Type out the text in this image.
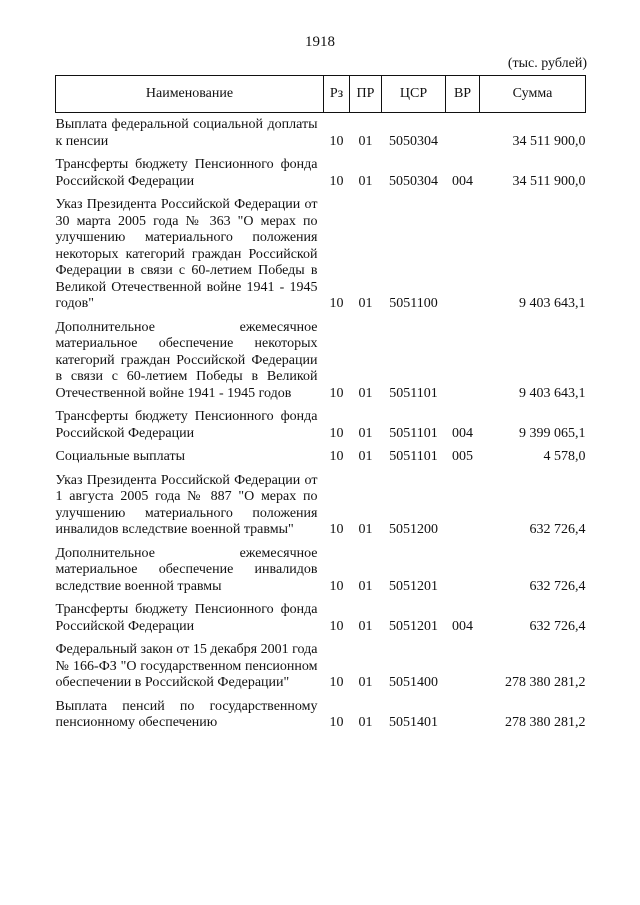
1918
(тыс. рублей)
Наименование	Рз	ПР	ЦСР	ВР	Сумма
Выплата федеральной социальной доплаты к пенсии	10	01	5050304		34 511 900,0
Трансферты бюджету Пенсионного фонда Российской Федерации	10	01	5050304	004	34 511 900,0
Указ Президента Российской Федерации от 30 марта 2005 года № 363 "О мерах по улучшению материального положения некоторых категорий граждан Российской Федерации в связи с 60-летием Победы в Великой Отечественной войне 1941 - 1945 годов"	10	01	5051100		9 403 643,1
Дополнительное ежемесячное материальное обеспечение некоторых категорий граждан Российской Федерации в связи с 60-летием Победы в Великой Отечественной войне 1941 - 1945 годов	10	01	5051101		9 403 643,1
Трансферты бюджету Пенсионного фонда Российской Федерации	10	01	5051101	004	9 399 065,1
Социальные выплаты	10	01	5051101	005	4 578,0
Указ Президента Российской Федерации от 1 августа 2005 года № 887 "О мерах по улучшению материального положения инвалидов вследствие военной травмы"	10	01	5051200		632 726,4
Дополнительное ежемесячное материальное обеспечение инвалидов вследствие военной травмы	10	01	5051201		632 726,4
Трансферты бюджету Пенсионного фонда Российской Федерации	10	01	5051201	004	632 726,4
Федеральный закон от 15 декабря 2001 года № 166-ФЗ "О государственном пенсионном обеспечении в Российской Федерации"	10	01	5051400		278 380 281,2
Выплата пенсий по государственному пенсионному обеспечению	10	01	5051401		278 380 281,2
